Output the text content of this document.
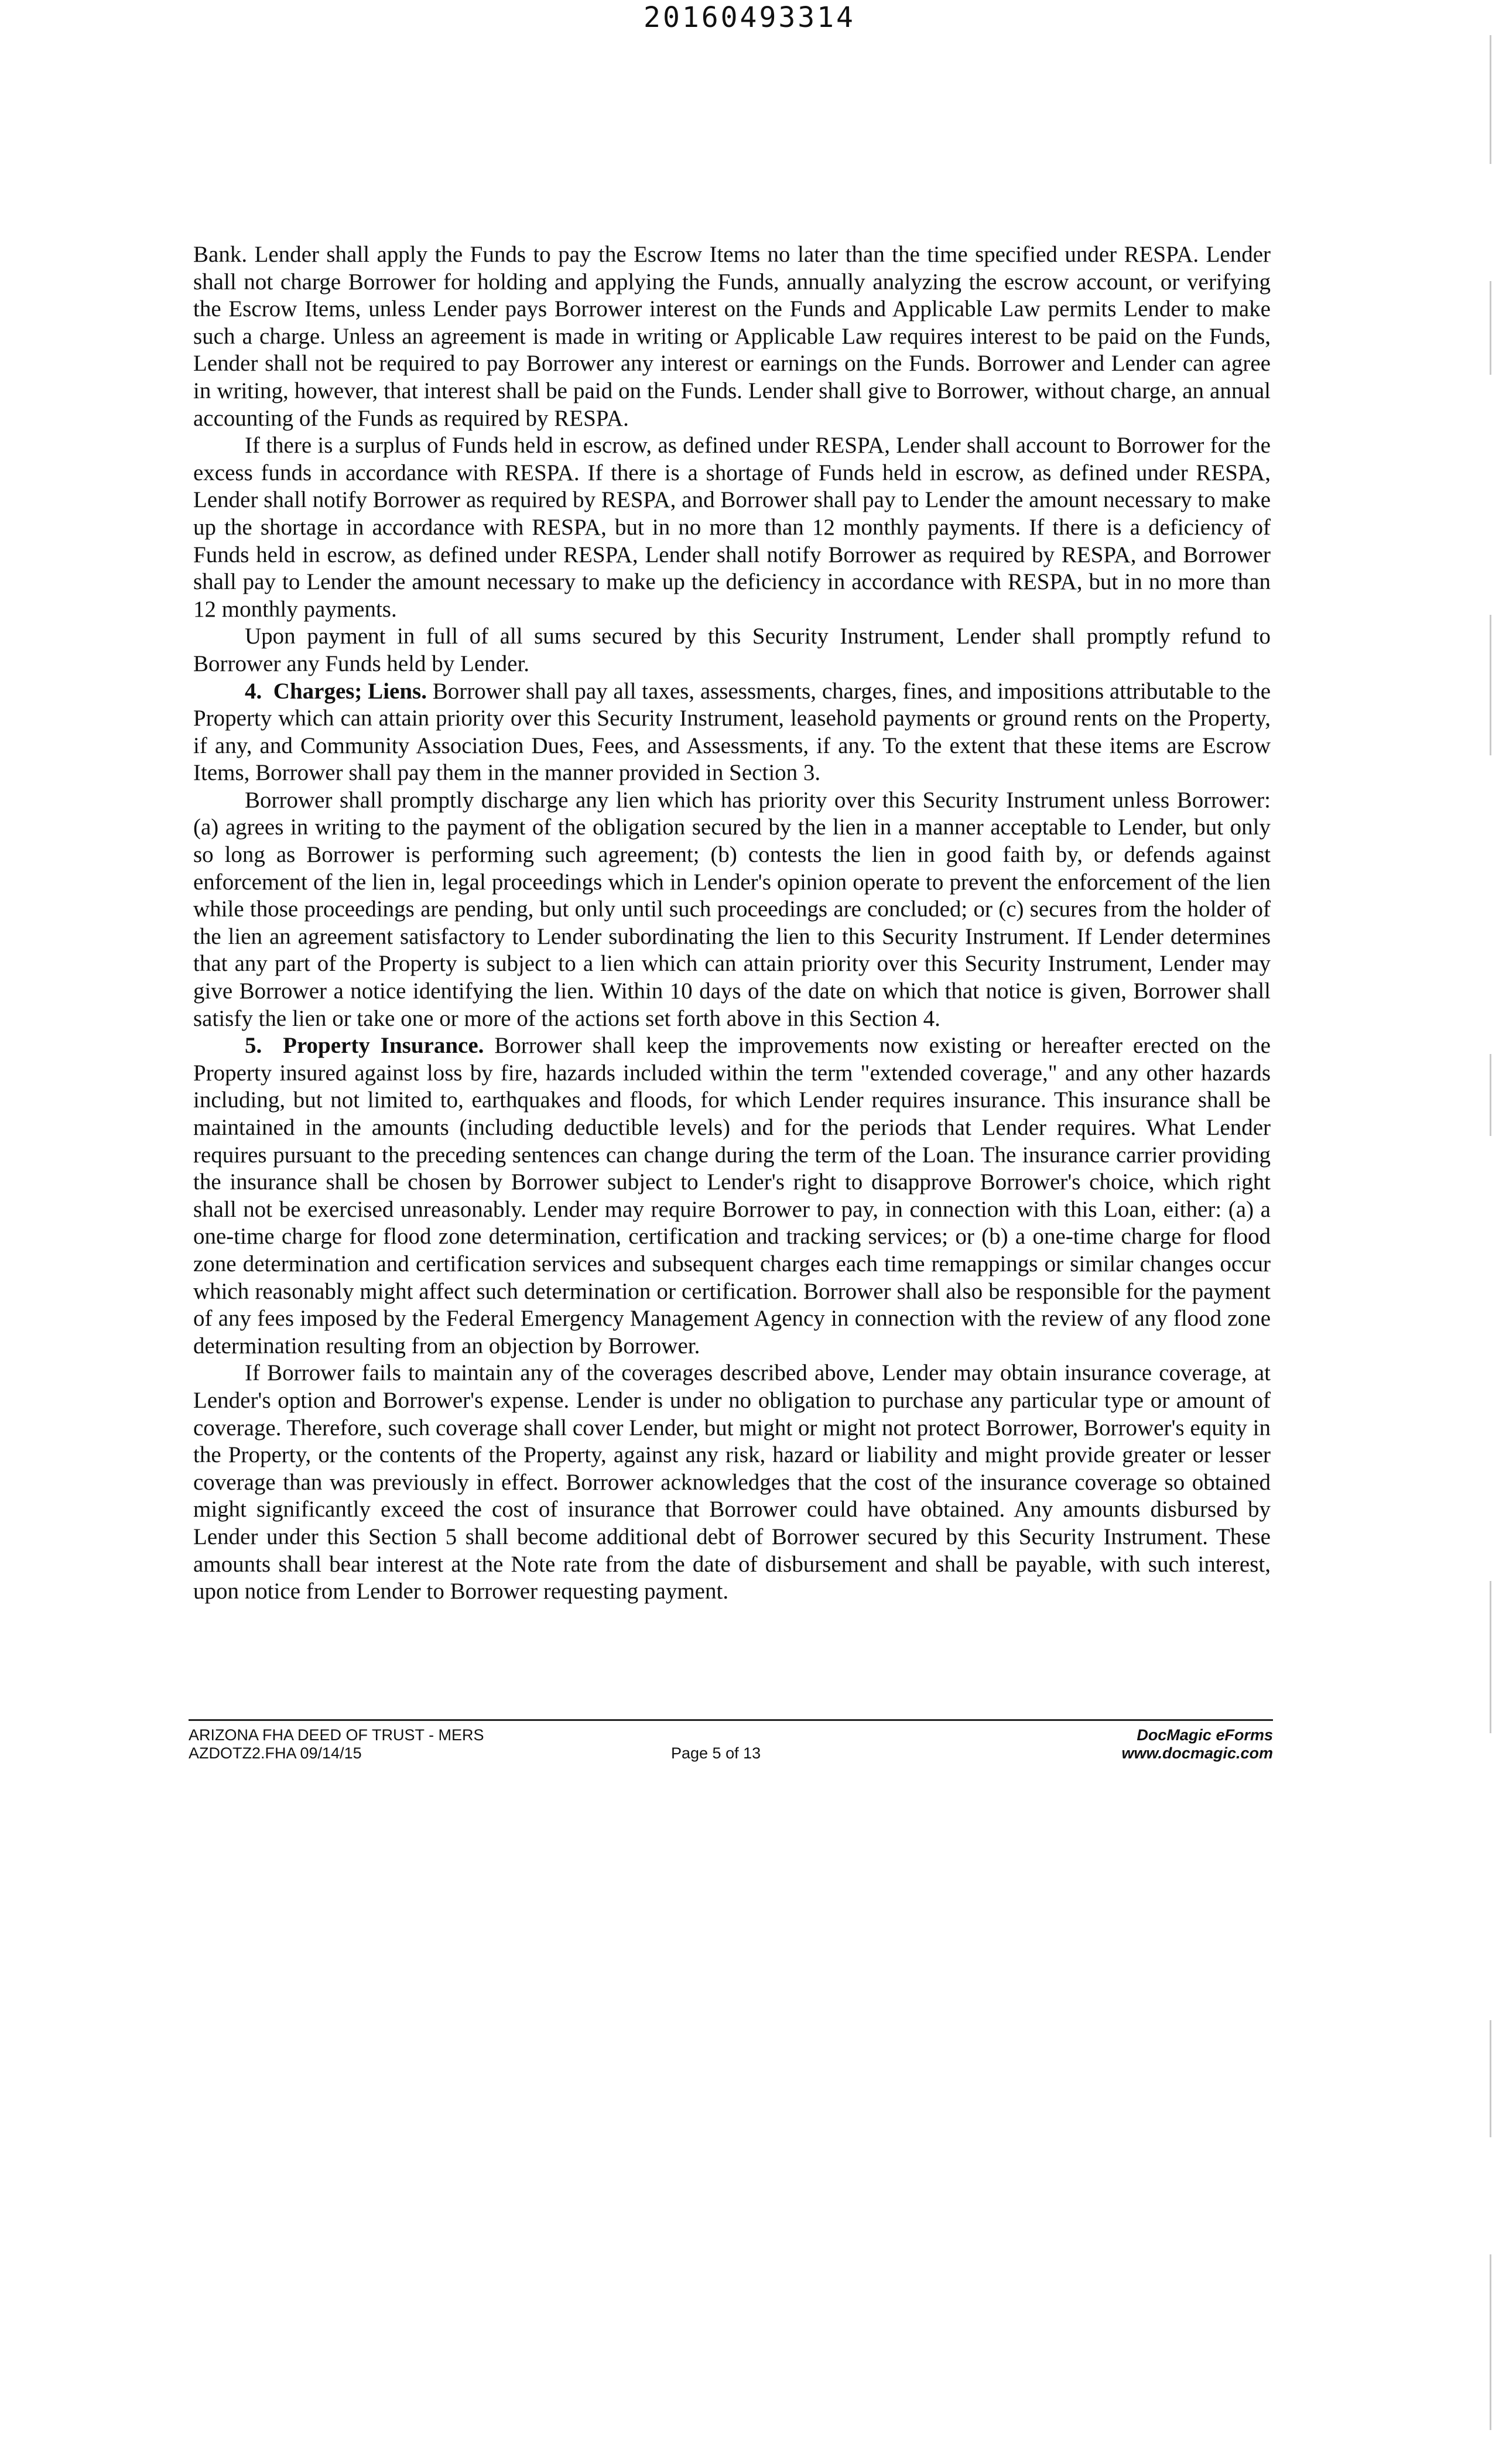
20160493314

Bank. Lender shall apply the Funds to pay the Escrow Items no later than the time specified under RESPA. Lender shall not charge Borrower for holding and applying the Funds, annually analyzing the escrow account, or verifying the Escrow Items, unless Lender pays Borrower interest on the Funds and Applicable Law permits Lender to make such a charge. Unless an agreement is made in writing or Applicable Law requires interest to be paid on the Funds, Lender shall not be required to pay Borrower any interest or earnings on the Funds. Borrower and Lender can agree in writing, however, that interest shall be paid on the Funds. Lender shall give to Borrower, without charge, an annual accounting of the Funds as required by RESPA.

If there is a surplus of Funds held in escrow, as defined under RESPA, Lender shall account to Borrower for the excess funds in accordance with RESPA. If there is a shortage of Funds held in escrow, as defined under RESPA, Lender shall notify Borrower as required by RESPA, and Borrower shall pay to Lender the amount necessary to make up the shortage in accordance with RESPA, but in no more than 12 monthly payments. If there is a deficiency of Funds held in escrow, as defined under RESPA, Lender shall notify Borrower as required by RESPA, and Borrower shall pay to Lender the amount necessary to make up the deficiency in accordance with RESPA, but in no more than 12 monthly payments.

Upon payment in full of all sums secured by this Security Instrument, Lender shall promptly refund to Borrower any Funds held by Lender.

4. Charges; Liens. Borrower shall pay all taxes, assessments, charges, fines, and impositions attributable to the Property which can attain priority over this Security Instrument, leasehold payments or ground rents on the Property, if any, and Community Association Dues, Fees, and Assessments, if any. To the extent that these items are Escrow Items, Borrower shall pay them in the manner provided in Section 3.

Borrower shall promptly discharge any lien which has priority over this Security Instrument unless Borrower: (a) agrees in writing to the payment of the obligation secured by the lien in a manner acceptable to Lender, but only so long as Borrower is performing such agreement; (b) contests the lien in good faith by, or defends against enforcement of the lien in, legal proceedings which in Lender's opinion operate to prevent the enforcement of the lien while those proceedings are pending, but only until such proceedings are concluded; or (c) secures from the holder of the lien an agreement satisfactory to Lender subordinating the lien to this Security Instrument. If Lender determines that any part of the Property is subject to a lien which can attain priority over this Security Instrument, Lender may give Borrower a notice identifying the lien. Within 10 days of the date on which that notice is given, Borrower shall satisfy the lien or take one or more of the actions set forth above in this Section 4.

5. Property Insurance. Borrower shall keep the improvements now existing or hereafter erected on the Property insured against loss by fire, hazards included within the term "extended coverage," and any other hazards including, but not limited to, earthquakes and floods, for which Lender requires insurance. This insurance shall be maintained in the amounts (including deductible levels) and for the periods that Lender requires. What Lender requires pursuant to the preceding sentences can change during the term of the Loan. The insurance carrier providing the insurance shall be chosen by Borrower subject to Lender's right to disapprove Borrower's choice, which right shall not be exercised unreasonably. Lender may require Borrower to pay, in connection with this Loan, either: (a) a one-time charge for flood zone determination, certification and tracking services; or (b) a one-time charge for flood zone determination and certification services and subsequent charges each time remappings or similar changes occur which reasonably might affect such determination or certification. Borrower shall also be responsible for the payment of any fees imposed by the Federal Emergency Management Agency in connection with the review of any flood zone determination resulting from an objection by Borrower.

If Borrower fails to maintain any of the coverages described above, Lender may obtain insurance coverage, at Lender's option and Borrower's expense. Lender is under no obligation to purchase any particular type or amount of coverage. Therefore, such coverage shall cover Lender, but might or might not protect Borrower, Borrower's equity in the Property, or the contents of the Property, against any risk, hazard or liability and might provide greater or lesser coverage than was previously in effect. Borrower acknowledges that the cost of the insurance coverage so obtained might significantly exceed the cost of insurance that Borrower could have obtained. Any amounts disbursed by Lender under this Section 5 shall become additional debt of Borrower secured by this Security Instrument. These amounts shall bear interest at the Note rate from the date of disbursement and shall be payable, with such interest, upon notice from Lender to Borrower requesting payment.

ARIZONA FHA DEED OF TRUST - MERS
AZDOTZ2.FHA 09/14/15	Page 5 of 13
DocMagic eForms
www.docmagic.com
